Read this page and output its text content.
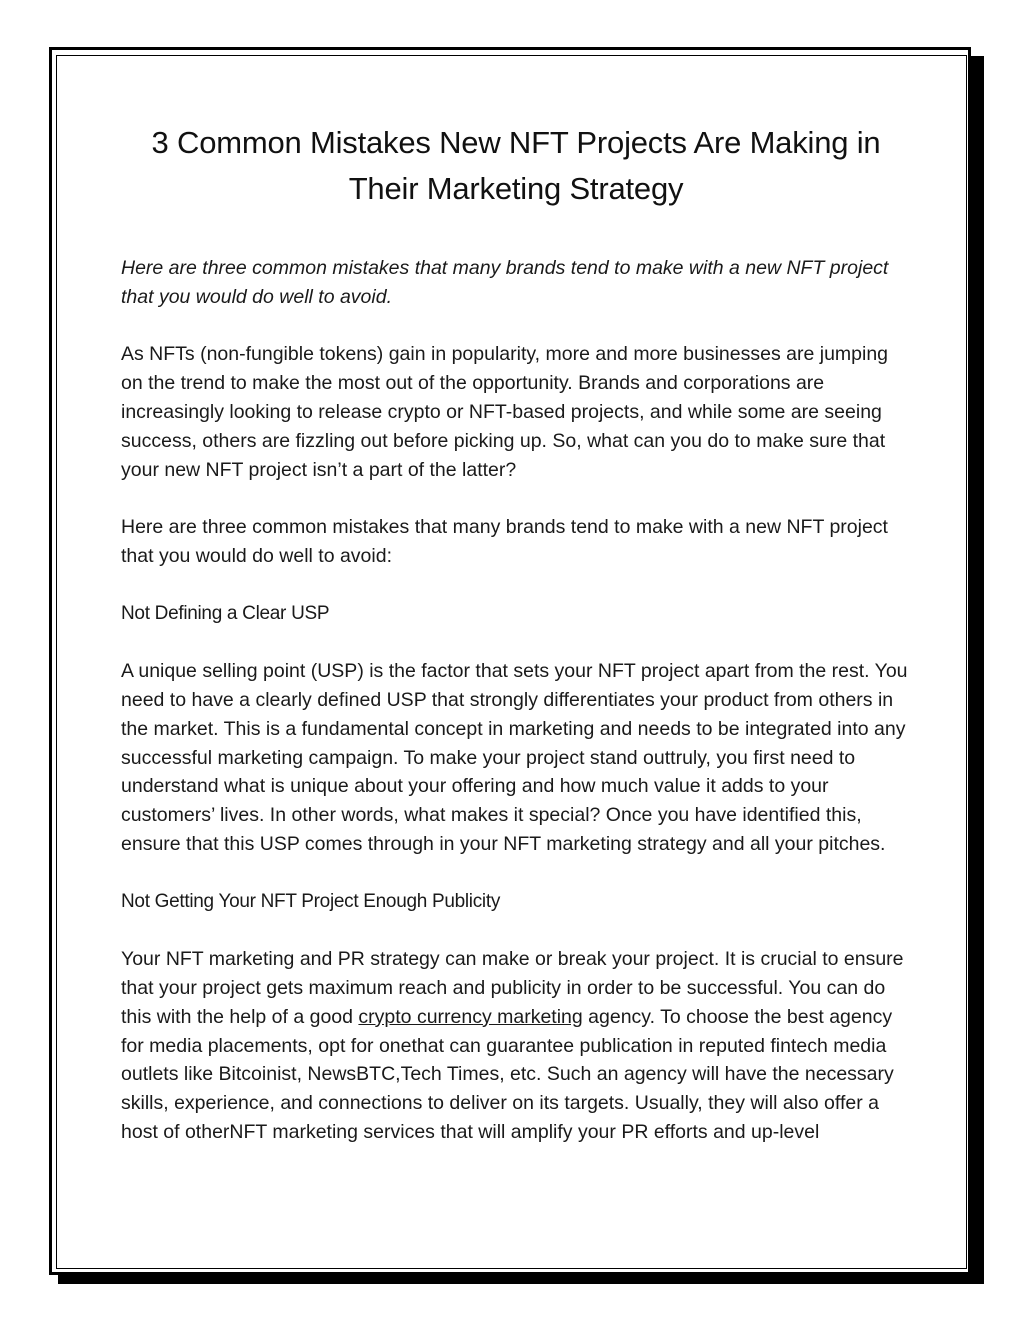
3 Common Mistakes New NFT Projects Are Making in Their Marketing Strategy

Here are three common mistakes that many brands tend to make with a new NFT project that you would do well to avoid.

As NFTs (non-fungible tokens) gain in popularity, more and more businesses are jumping on the trend to make the most out of the opportunity. Brands and corporations are increasingly looking to release crypto or NFT-based projects, and while some are seeing success, others are fizzling out before picking up. So, what can you do to make sure that your new NFT project isn’t a part of the latter?

Here are three common mistakes that many brands tend to make with a new NFT project that you would do well to avoid:

Not Defining a Clear USP

A unique selling point (USP) is the factor that sets your NFT project apart from the rest. You need to have a clearly defined USP that strongly differentiates your product from others in the market. This is a fundamental concept in marketing and needs to be integrated into any successful marketing campaign. To make your project stand outtruly, you first need to understand what is unique about your offering and how much value it adds to your customers’ lives. In other words, what makes it special? Once you have identified this, ensure that this USP comes through in your NFT marketing strategy and all your pitches.

Not Getting Your NFT Project Enough Publicity

Your NFT marketing and PR strategy can make or break your project. It is crucial to ensure that your project gets maximum reach and publicity in order to be successful. You can do this with the help of a good crypto currency marketing agency. To choose the best agency for media placements, opt for onethat can guarantee publication in reputed fintech media outlets like Bitcoinist, NewsBTC,Tech Times, etc. Such an agency will have the necessary skills, experience, and connections to deliver on its targets. Usually, they will also offer a host of otherNFT marketing services that will amplify your PR efforts and up-level
